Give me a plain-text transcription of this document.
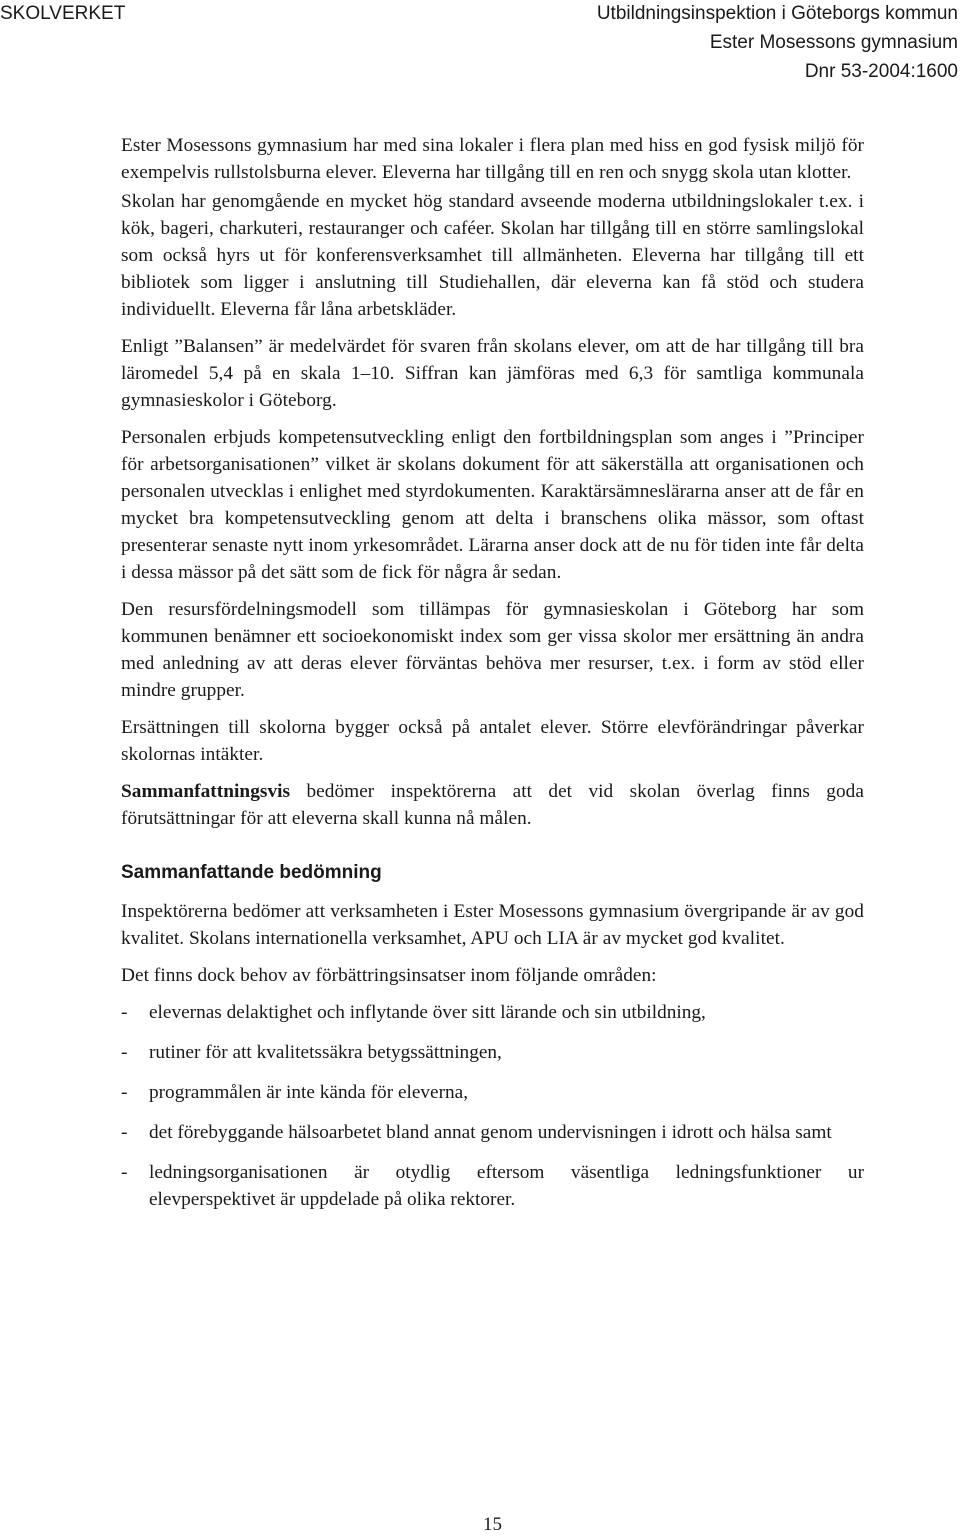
SKOLVERKET	Utbildningsinspektion i Göteborgs kommun
Ester Mosessons gymnasium
Dnr 53-2004:1600

Ester Mosessons gymnasium har med sina lokaler i flera plan med hiss en god fysisk miljö för exempelvis rullstolsburna elever. Eleverna har tillgång till en ren och snygg skola utan klotter.

Skolan har genomgående en mycket hög standard avseende moderna utbildningslokaler t.ex. i kök, bageri, charkuteri, restauranger och caféer. Skolan har tillgång till en större samlingslokal som också hyrs ut för konferensverksamhet till allmänheten. Eleverna har tillgång till ett bibliotek som ligger i anslutning till Studiehallen, där eleverna kan få stöd och studera individuellt. Eleverna får låna arbetskläder.

Enligt ”Balansen” är medelvärdet för svaren från skolans elever, om att de har tillgång till bra läromedel 5,4 på en skala 1–10. Siffran kan jämföras med 6,3 för samtliga kommunala gymnasieskolor i Göteborg.

Personalen erbjuds kompetensutveckling enligt den fortbildningsplan som anges i ”Principer för arbetsorganisationen” vilket är skolans dokument för att säkerställa att organisationen och personalen utvecklas i enlighet med styrdokumenten. Karaktärsämneslärarna anser att de får en mycket bra kompetensutveckling genom att delta i branschens olika mässor, som oftast presenterar senaste nytt inom yrkesområdet. Lärarna anser dock att de nu för tiden inte får delta i dessa mässor på det sätt som de fick för några år sedan.

Den resursfördelningsmodell som tillämpas för gymnasieskolan i Göteborg har som kommunen benämner ett socioekonomiskt index som ger vissa skolor mer ersättning än andra med anledning av att deras elever förväntas behöva mer resurser, t.ex. i form av stöd eller mindre grupper.

Ersättningen till skolorna bygger också på antalet elever. Större elevförändringar påverkar skolornas intäkter.

Sammanfattningsvis bedömer inspektörerna att det vid skolan överlag finns goda förutsättningar för att eleverna skall kunna nå målen.

Sammanfattande bedömning

Inspektörerna bedömer att verksamheten i Ester Mosessons gymnasium övergripande är av god kvalitet. Skolans internationella verksamhet, APU och LIA är av mycket god kvalitet.

Det finns dock behov av förbättringsinsatser inom följande områden:

- elevernas delaktighet och inflytande över sitt lärande och sin utbildning,
- rutiner för att kvalitetssäkra betygssättningen,
- programmålen är inte kända för eleverna,
- det förebyggande hälsoarbetet bland annat genom undervisningen i idrott och hälsa samt
- ledningsorganisationen är otydlig eftersom väsentliga ledningsfunktioner ur elevperspektivet är uppdelade på olika rektorer.
15
